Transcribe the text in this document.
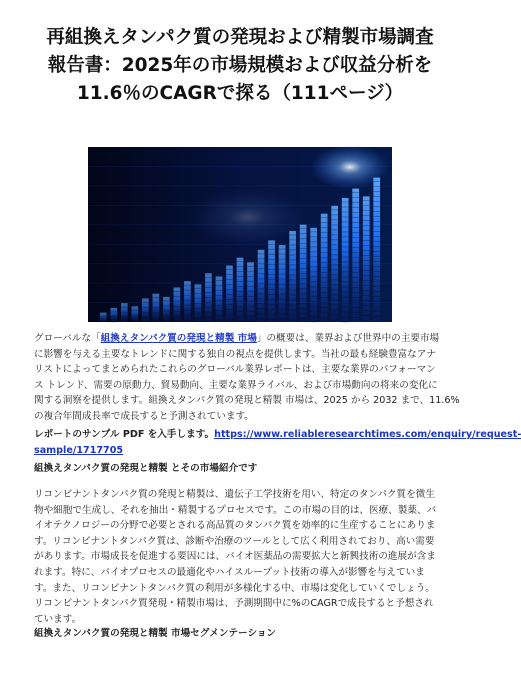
再組換えタンパク質の発現および精製市場調査
報告書：2025年の市場規模および収益分析を
11.6％のCAGRで探る（111ページ）
グローバルな「組換えタンパク質の発現と精製 市場」の概要は、業界および世界中の主要市場
に影響を与える主要なトレンドに関する独自の視点を提供します。当社の最も経験豊富なアナ
リストによってまとめられたこれらのグローバル業界レポートは、主要な業界のパフォーマン
ス トレンド、需要の原動力、貿易動向、主要な業界ライバル、および市場動向の将来の変化に
関する洞察を提供します。組換えタンパク質の発現と精製 市場は、2025 から 2032 まで、11.6%
の複合年間成長率で成長すると予測されています。
レポートのサンプル PDF を入手します。https://www.reliableresearchtimes.com/enquiry/request-
sample/1717705
組換えタンパク質の発現と精製 とその市場紹介です
リコンビナントタンパク質の発現と精製は、遺伝子工学技術を用い、特定のタンパク質を微生
物や細胞で生成し、それを抽出・精製するプロセスです。この市場の目的は、医療、製薬、バ
イオテクノロジーの分野で必要とされる高品質のタンパク質を効率的に生産することにありま
す。リコンビナントタンパク質は、診断や治療のツールとして広く利用されており、高い需要
があります。市場成長を促進する要因には、バイオ医薬品の需要拡大と新興技術の進展が含ま
れます。特に、バイオプロセスの最適化やハイスループット技術の導入が影響を与えていま
す。また、リコンビナントタンパク質の利用が多様化する中、市場は変化していくでしょう。
リコンビナントタンパク質発現・精製市場は、予測期間中に%のCAGRで成長すると予想され
ています。
組換えタンパク質の発現と精製 市場セグメンテーション
